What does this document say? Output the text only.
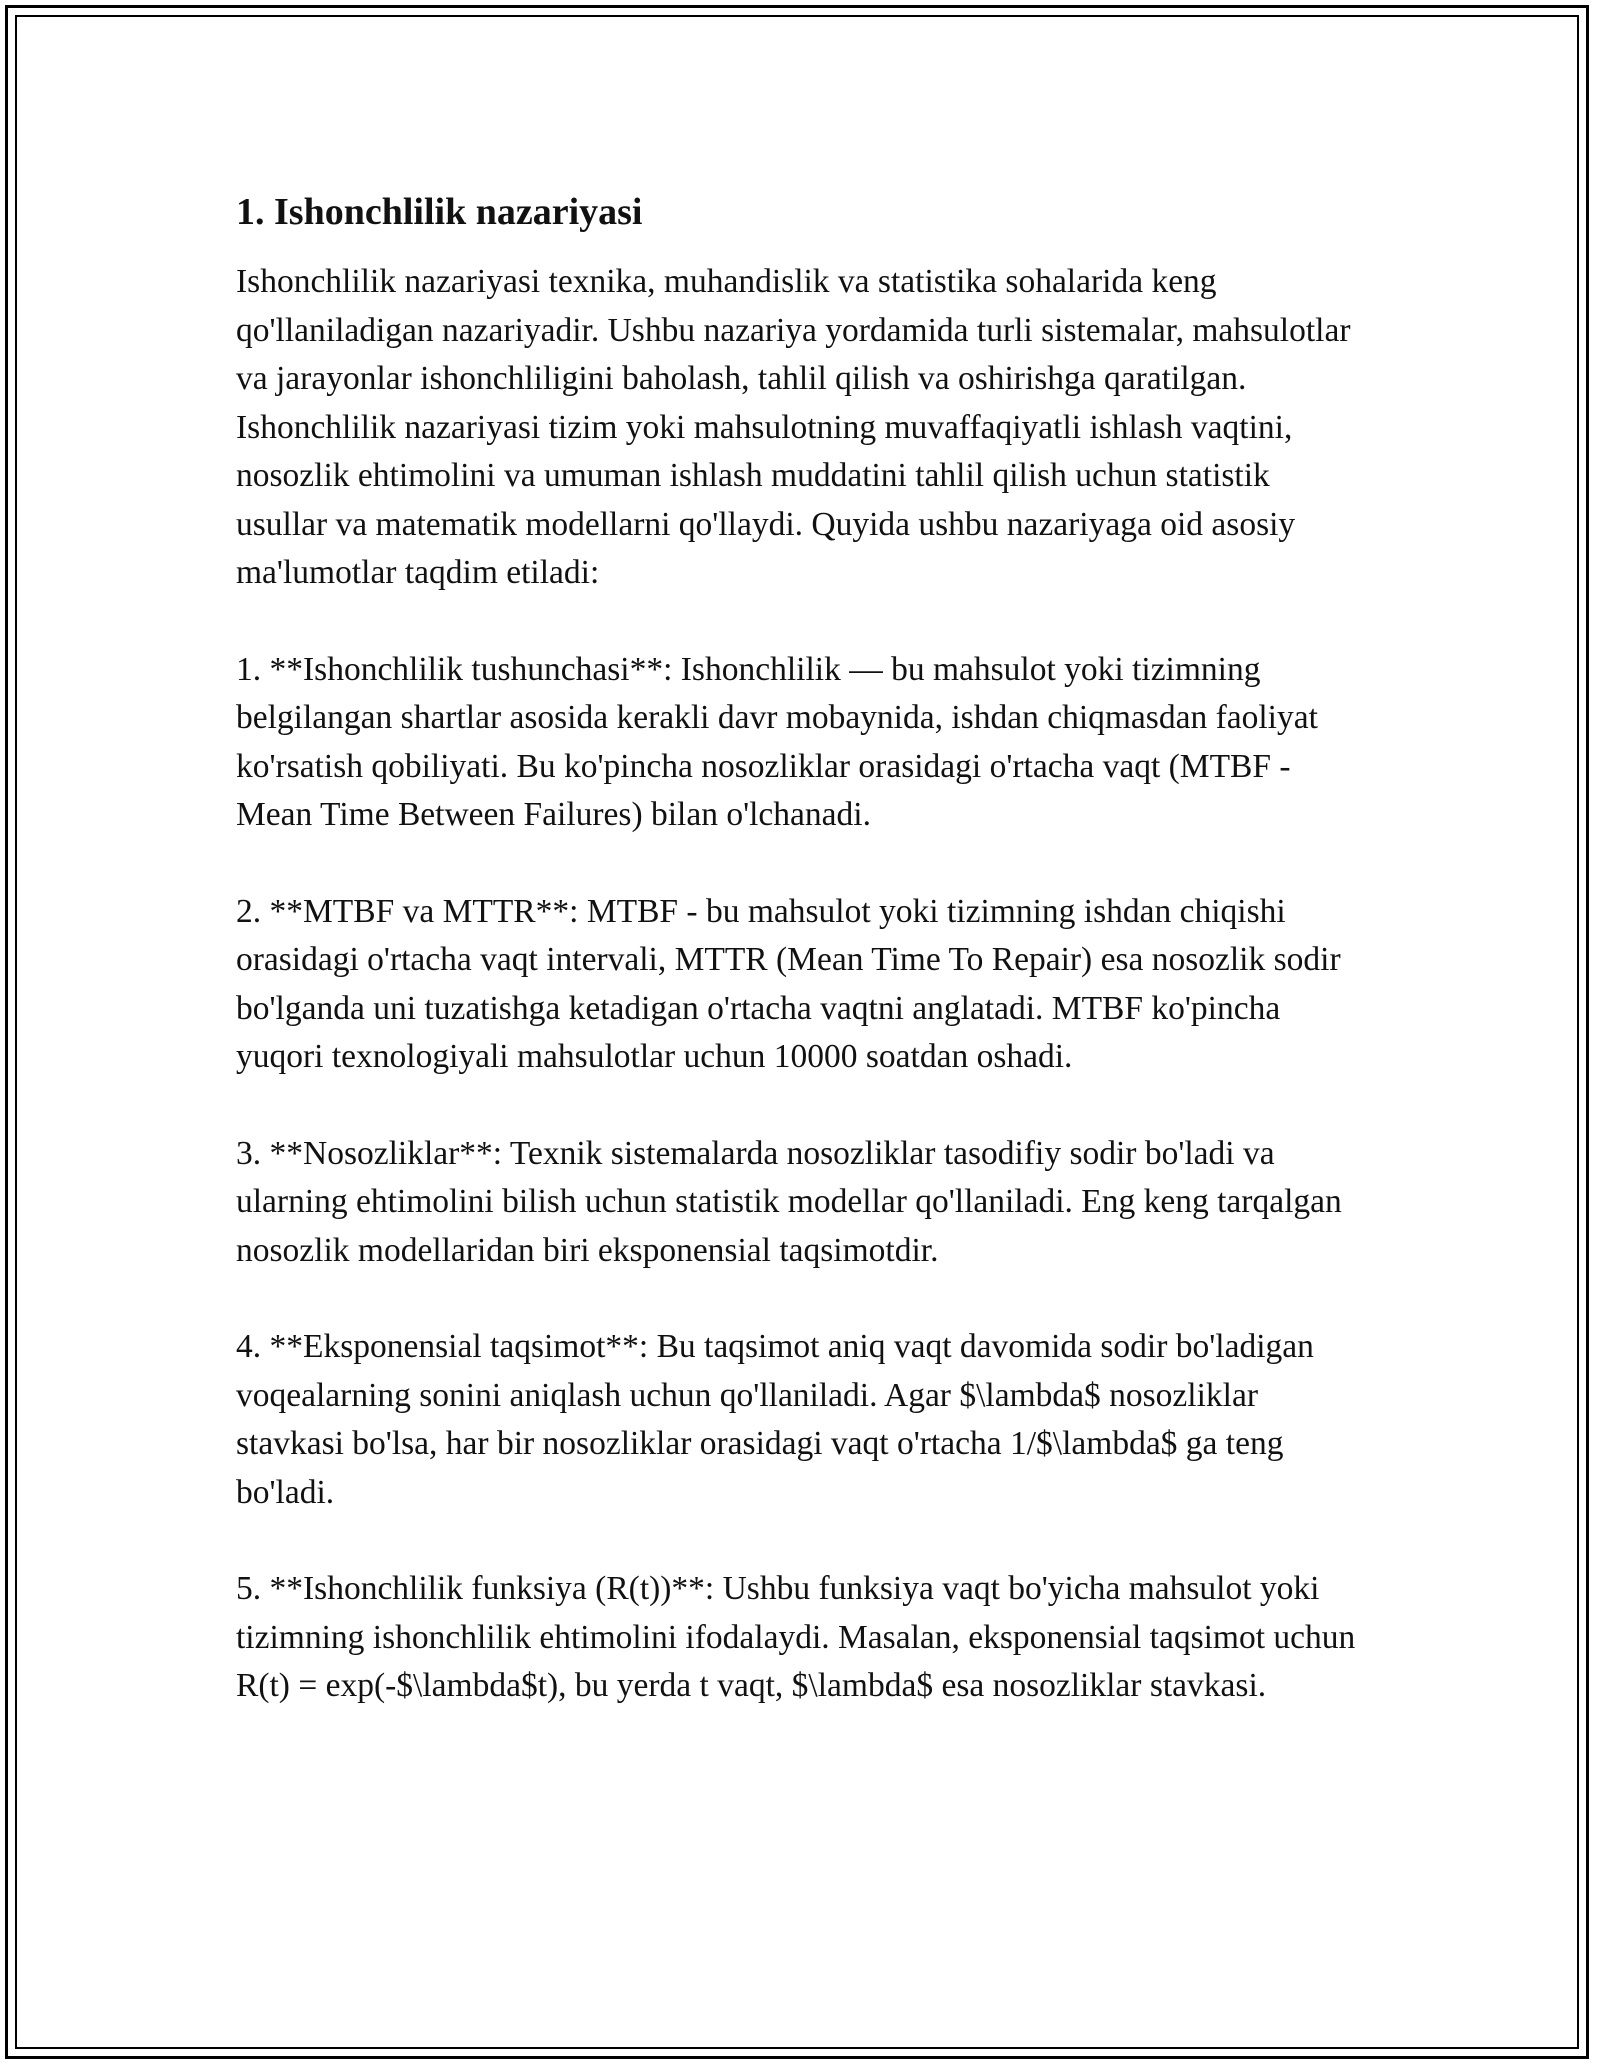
1. Ishonchlilik nazariyasi

Ishonchlilik nazariyasi texnika, muhandislik va statistika sohalarida keng qo'llaniladigan nazariyadir. Ushbu nazariya yordamida turli sistemalar, mahsulotlar va jarayonlar ishonchliligini baholash, tahlil qilish va oshirishga qaratilgan. Ishonchlilik nazariyasi tizim yoki mahsulotning muvaffaqiyatli ishlash vaqtini, nosozlik ehtimolini va umuman ishlash muddatini tahlil qilish uchun statistik usullar va matematik modellarni qo'llaydi. Quyida ushbu nazariyaga oid asosiy ma'lumotlar taqdim etiladi:

1. **Ishonchlilik tushunchasi**: Ishonchlilik — bu mahsulot yoki tizimning belgilangan shartlar asosida kerakli davr mobaynida, ishdan chiqmasdan faoliyat ko'rsatish qobiliyati. Bu ko'pincha nosozliklar orasidagi o'rtacha vaqt (MTBF - Mean Time Between Failures) bilan o'lchanadi.

2. **MTBF va MTTR**: MTBF - bu mahsulot yoki tizimning ishdan chiqishi orasidagi o'rtacha vaqt intervali, MTTR (Mean Time To Repair) esa nosozlik sodir bo'lganda uni tuzatishga ketadigan o'rtacha vaqtni anglatadi. MTBF ko'pincha yuqori texnologiyali mahsulotlar uchun 10000 soatdan oshadi.

3. **Nosozliklar**: Texnik sistemalarda nosozliklar tasodifiy sodir bo'ladi va ularning ehtimolini bilish uchun statistik modellar qo'llaniladi. Eng keng tarqalgan nosozlik modellaridan biri eksponensial taqsimotdir.

4. **Eksponensial taqsimot**: Bu taqsimot aniq vaqt davomida sodir bo'ladigan voqealarning sonini aniqlash uchun qo'llaniladi. Agar $\lambda$ nosozliklar stavkasi bo'lsa, har bir nosozliklar orasidagi vaqt o'rtacha 1/$\lambda$ ga teng bo'ladi.

5. **Ishonchlilik funksiya (R(t))**: Ushbu funksiya vaqt bo'yicha mahsulot yoki tizimning ishonchlilik ehtimolini ifodalaydi. Masalan, eksponensial taqsimot uchun R(t) = exp(-$\lambda$t), bu yerda t vaqt, $\lambda$ esa nosozliklar stavkasi.
